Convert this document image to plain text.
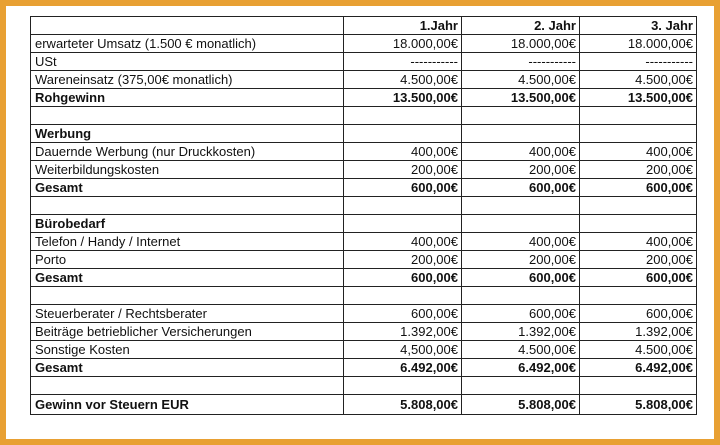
	1.Jahr	2. Jahr	3. Jahr
erwarteter Umsatz (1.500 € monatlich)	18.000,00€	18.000,00€	18.000,00€
USt	-----------	-----------	-----------
Wareneinsatz (375,00€ monatlich)	4.500,00€	4.500,00€	4.500,00€
Rohgewinn	13.500,00€	13.500,00€	13.500,00€

Werbung			
Dauernde Werbung (nur Druckkosten)	400,00€	400,00€	400,00€
Weiterbildungskosten	200,00€	200,00€	200,00€
Gesamt	600,00€	600,00€	600,00€

Bürobedarf			
Telefon / Handy / Internet	400,00€	400,00€	400,00€
Porto	200,00€	200,00€	200,00€
Gesamt	600,00€	600,00€	600,00€

Steuerberater / Rechtsberater	600,00€	600,00€	600,00€
Beiträge betrieblicher Versicherungen	1.392,00€	1.392,00€	1.392,00€
Sonstige Kosten	4,500,00€	4.500,00€	4.500,00€
Gesamt	6.492,00€	6.492,00€	6.492,00€

Gewinn vor Steuern EUR	5.808,00€	5.808,00€	5.808,00€
